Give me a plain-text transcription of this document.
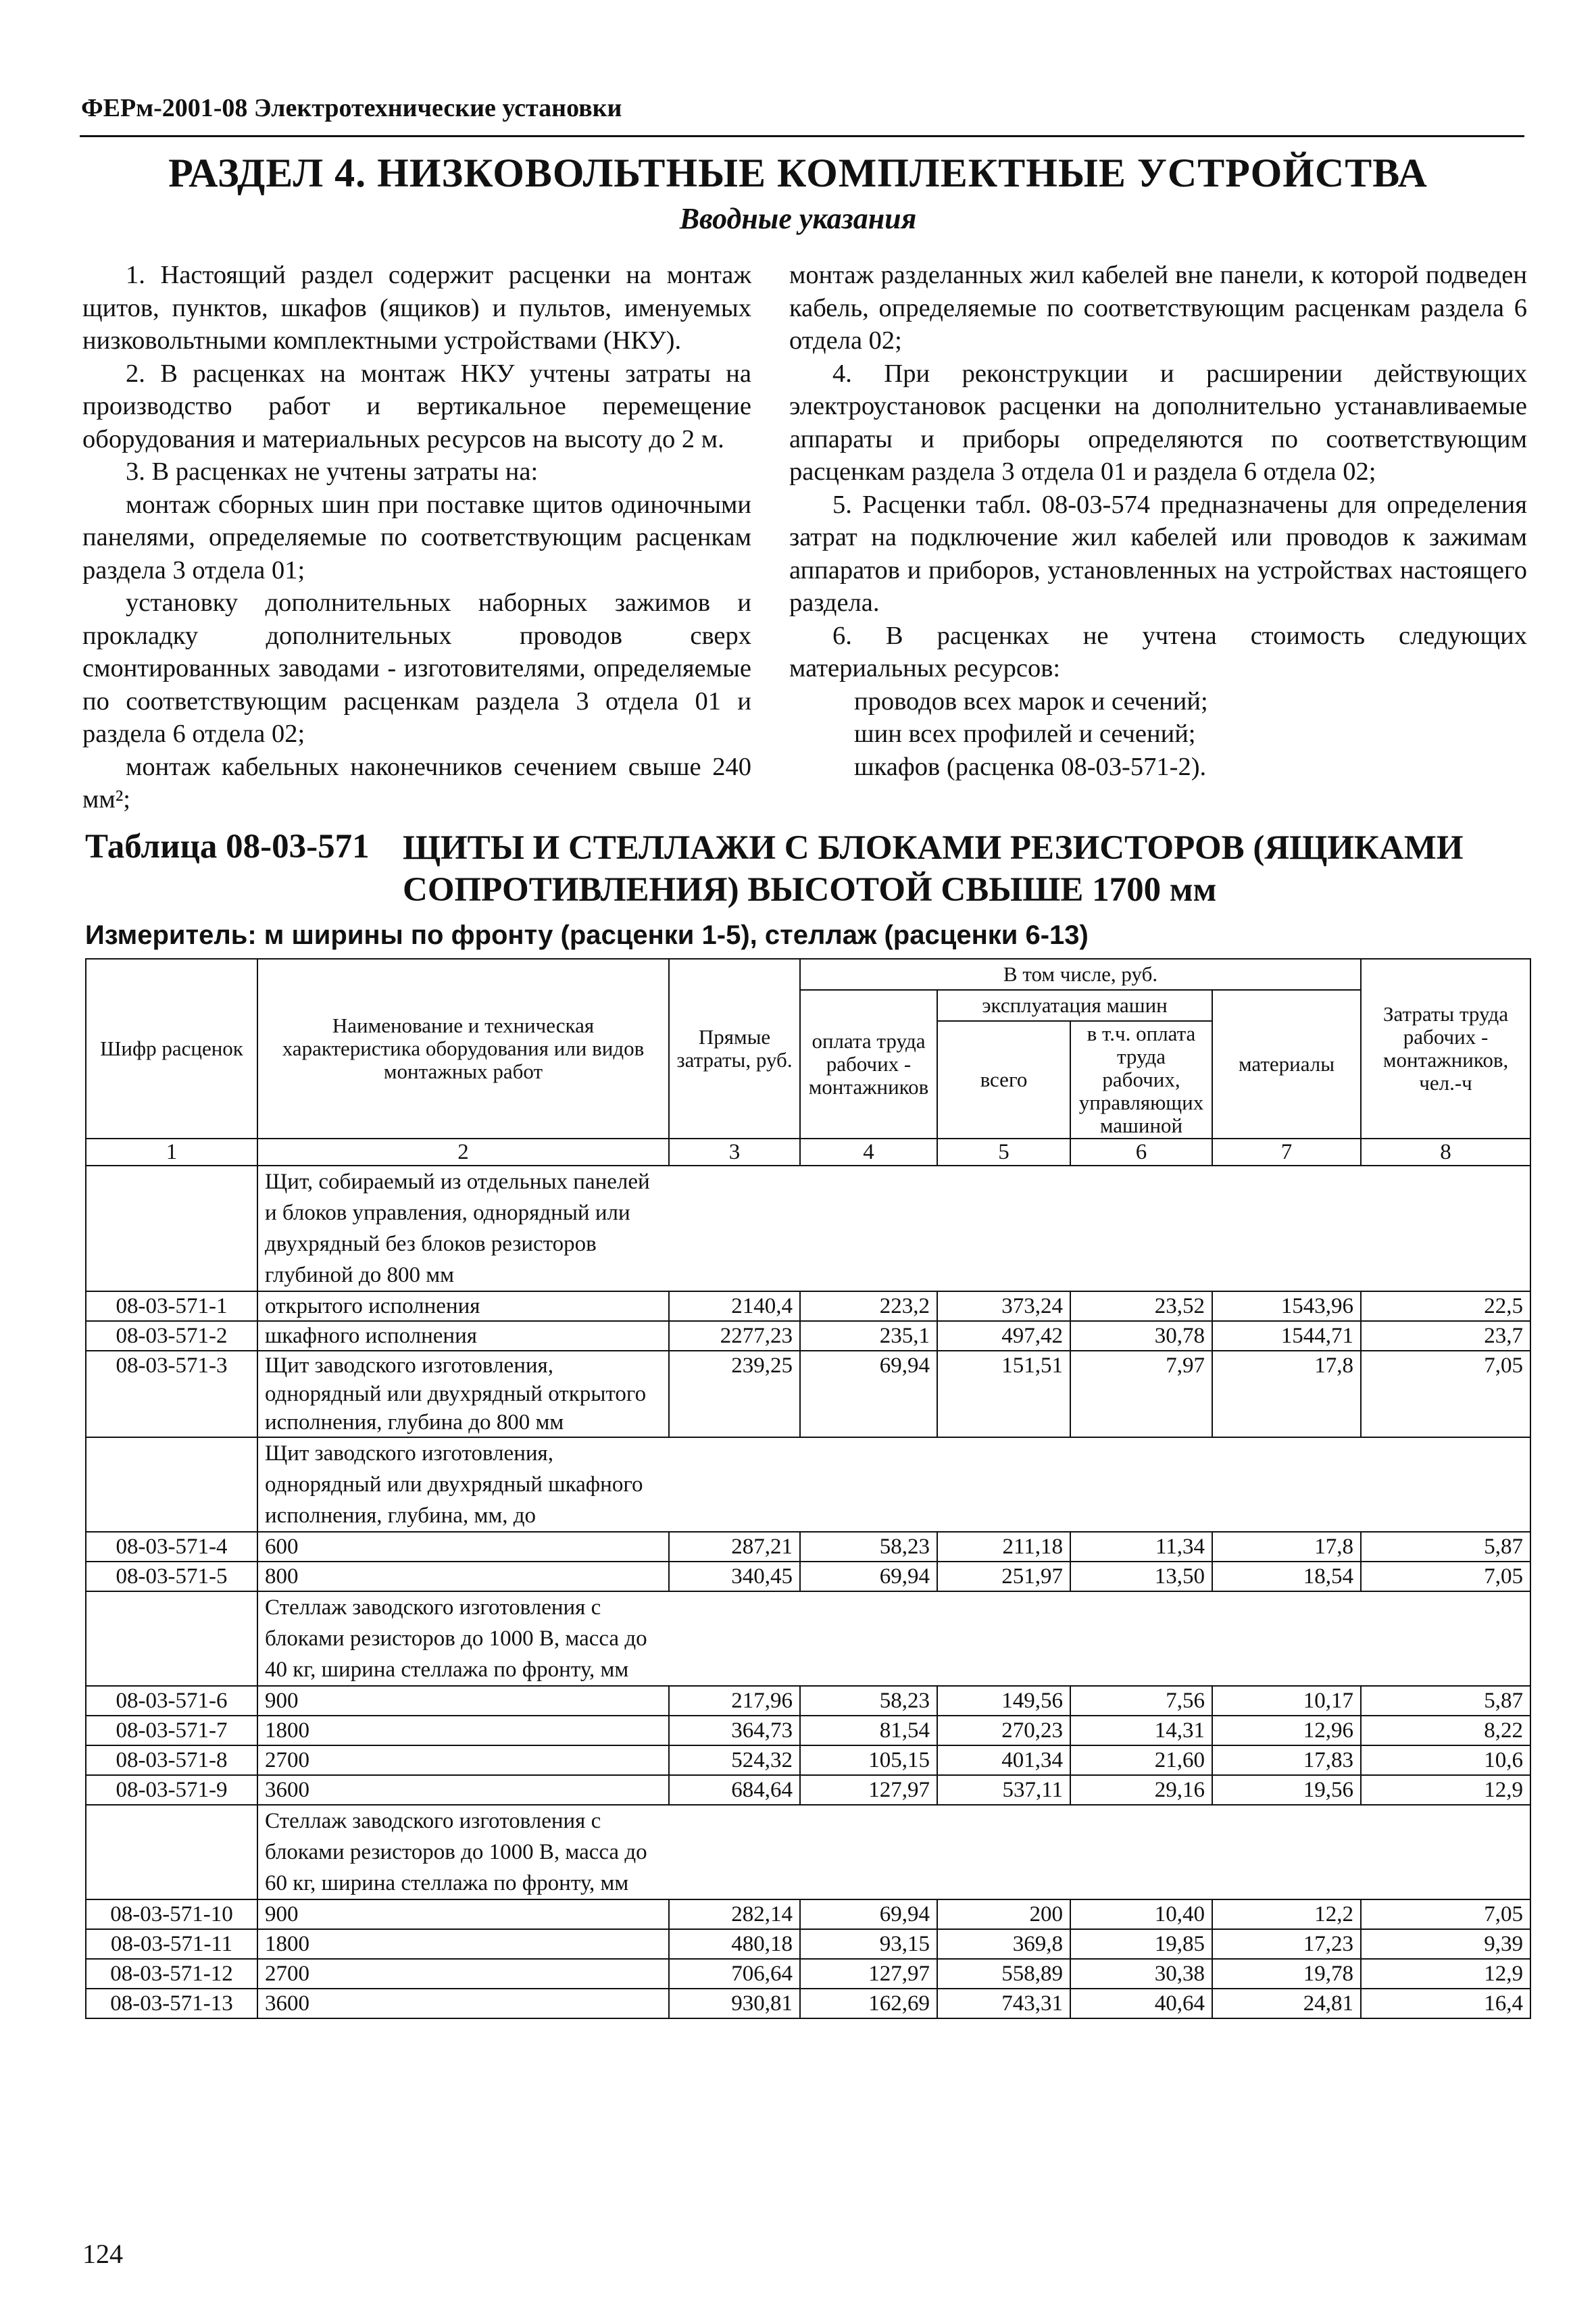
ФЕРм-2001-08 Электротехнические установки
РАЗДЕЛ 4. НИЗКОВОЛЬТНЫЕ КОМПЛЕКТНЫЕ УСТРОЙСТВА
Вводные указания

1. Настоящий раздел содержит расценки на монтаж щитов, пунктов, шкафов (ящиков) и пультов, именуемых низковольтными комплектными устройствами (НКУ).

2. В расценках на монтаж НКУ учтены затраты на производство работ и вертикальное перемещение оборудования и материальных ресурсов на высоту до 2 м.

3. В расценках не учтены затраты на:

монтаж сборных шин при поставке щитов одиночными панелями, определяемые по соответствующим расценкам раздела 3 отдела 01;

установку дополнительных наборных зажимов и прокладку дополнительных проводов сверх смонтированных заводами - изготовителями, определяемые по соответствующим расценкам раздела 3 отдела 01 и раздела 6 отдела 02;

монтаж кабельных наконечников сечением свыше 240 мм²;

монтаж разделанных жил кабелей вне панели, к которой подведен кабель, определяемые по соответствующим расценкам раздела 6 отдела 02;

4. При реконструкции и расширении действующих электроустановок расценки на дополнительно устанавливаемые аппараты и приборы определяются по соответствующим расценкам раздела 3 отдела 01 и раздела 6 отдела 02;

5. Расценки табл. 08-03-574 предназначены для определения затрат на подключение жил кабелей или проводов к зажимам аппаратов и приборов, установленных на устройствах настоящего раздела.

6. В расценках не учтена стоимость следующих материальных ресурсов:

проводов всех марок и сечений;

шин всех профилей и сечений;

шкафов (расценка 08-03-571-2).

Таблица 08-03-571 ЩИТЫ И СТЕЛЛАЖИ С БЛОКАМИ РЕЗИСТОРОВ (ЯЩИКАМИ
СОПРОТИВЛЕНИЯ) ВЫСОТОЙ СВЫШЕ 1700 мм
Измеритель: м ширины по фронту (расценки 1-5), стеллаж (расценки 6-13)
Шифр расценок	Наименование и техническая характеристика оборудования или видов монтажных работ	Прямые затраты, руб.	В том числе, руб.				Затраты труда рабочих - монтажников, чел.-ч
			оплата труда рабочих - монтажников	эксплуатация машин		материалы	
				всего	в т.ч. оплата труда рабочих, управляющих машиной		

1	2	3	4	5	6	7	8

	Щит, собираемый из отдельных панелей и блоков управления, однорядный или двухрядный без блоков резисторов глубиной до 800 мм						

08-03-571-1	открытого исполнения	2140,4	223,2	373,24	23,52	1543,96	22,5
08-03-571-2	шкафного исполнения	2277,23	235,1	497,42	30,78	1544,71	23,7
08-03-571-3	Щит заводского изготовления, однорядный или двухрядный открытого исполнения, глубина до 800 мм	239,25	69,94	151,51	7,97	17,8	7,05

	Щит заводского изготовления, однорядный или двухрядный шкафного исполнения, глубина, мм, до						

08-03-571-4	600	287,21	58,23	211,18	11,34	17,8	5,87
08-03-571-5	800	340,45	69,94	251,97	13,50	18,54	7,05

	Стеллаж заводского изготовления с блоками резисторов до 1000 В, масса до 40 кг, ширина стеллажа по фронту, мм						

08-03-571-6	900	217,96	58,23	149,56	7,56	10,17	5,87
08-03-571-7	1800	364,73	81,54	270,23	14,31	12,96	8,22
08-03-571-8	2700	524,32	105,15	401,34	21,60	17,83	10,6
08-03-571-9	3600	684,64	127,97	537,11	29,16	19,56	12,9

	Стеллаж заводского изготовления с блоками резисторов до 1000 В, масса до 60 кг, ширина стеллажа по фронту, мм						

08-03-571-10	900	282,14	69,94	200	10,40	12,2	7,05
08-03-571-11	1800	480,18	93,15	369,8	19,85	17,23	9,39
08-03-571-12	2700	706,64	127,97	558,89	30,38	19,78	12,9
08-03-571-13	3600	930,81	162,69	743,31	40,64	24,81	16,4
124
